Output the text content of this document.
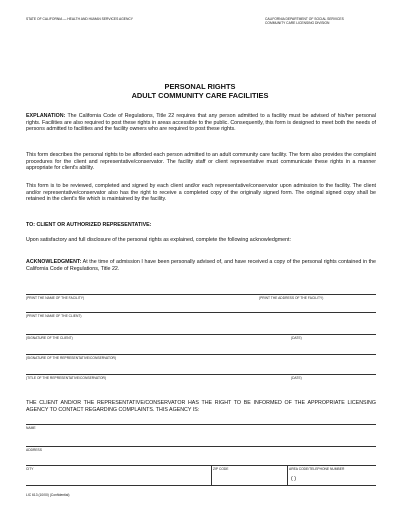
STATE OF CALIFORNIA — HEALTH AND HUMAN SERVICES AGENCY	CALIFORNIA DEPARTMENT OF SOCIAL SERVICES
COMMUNITY CARE LICENSING DIVISION
PERSONAL RIGHTS
ADULT COMMUNITY CARE FACILITIES
EXPLANATION: The California Code of Regulations, Title 22 requires that any person admitted to a facility must be advised of his/her personal rights. Facilities are also required to post these rights in areas accessible to the public. Consequently, this form is designed to meet both the needs of persons admitted to facilities and the facility owners who are required to post these rights.
This form describes the personal rights to be afforded each person admitted to an adult community care facility. The form also provides the complaint procedures for the client and representative/conservator. The facility staff or client representative must communicate these rights in a manner appropriate for client's ability.
This form is to be reviewed, completed and signed by each client and/or each representative/conservator upon admission to the facility. The client and/or representative/conservator also has the right to receive a completed copy of the originally signed form. The original signed copy shall be retained in the client's file which is maintained by the facility.
TO: CLIENT OR AUTHORIZED REPRESENTATIVE:
Upon satisfactory and full disclosure of the personal rights as explained, complete the following acknowledgment:
ACKNOWLEDGMENT: At the time of admission I have been personally advised of, and have received a copy of the personal rights contained in the California Code of Regulations, Title 22.
(PRINT THE NAME OF THE FACILITY)	(PRINT THE ADDRESS OF THE FACILITY)
(PRINT THE NAME OF THE CLIENT)
(SIGNATURE OF THE CLIENT)	(DATE)
(SIGNATURE OF THE REPRESENTATIVE/CONSERVATOR)
(TITLE OF THE REPRESENTATIVE/CONSERVATOR)	(DATE)
THE CLIENT AND/OR THE REPRESENTATIVE/CONSERVATOR HAS THE RIGHT TO BE INFORMED OF THE APPROPRIATE LICENSING AGENCY TO CONTACT REGARDING COMPLAINTS. THIS AGENCY IS:
NAME
ADDRESS
CITY	ZIP CODE	AREA CODE/TELEPHONE NUMBER
( )
LIC 613 (10/00) (Confidential)
